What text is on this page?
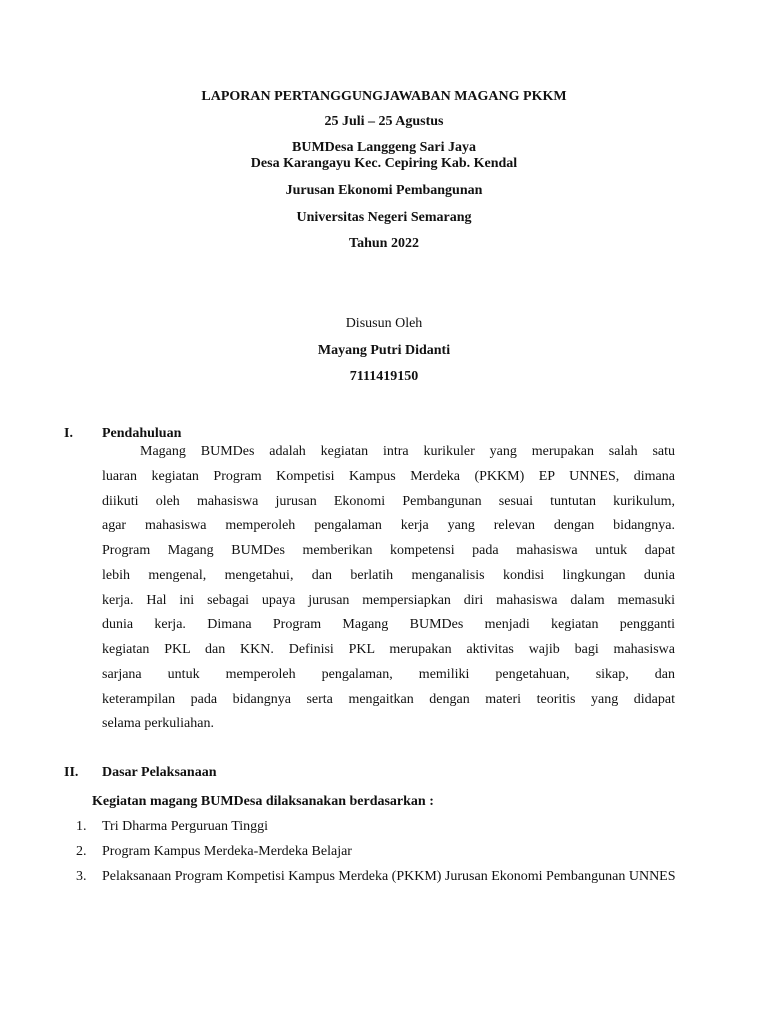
LAPORAN PERTANGGUNGJAWABAN MAGANG PKKM
25 Juli – 25 Agustus
BUMDesa Langgeng Sari Jaya
Desa Karangayu Kec. Cepiring Kab. Kendal
Jurusan Ekonomi Pembangunan
Universitas Negeri Semarang
Tahun 2022
Disusun Oleh
Mayang Putri Didanti
7111419150
I. Pendahuluan
Magang BUMDes adalah kegiatan intra kurikuler yang merupakan salah satu
luaran kegiatan Program Kompetisi Kampus Merdeka (PKKM) EP UNNES, dimana
diikuti oleh mahasiswa jurusan Ekonomi Pembangunan sesuai tuntutan kurikulum,
agar mahasiswa memperoleh pengalaman kerja yang relevan dengan bidangnya.
Program Magang BUMDes memberikan kompetensi pada mahasiswa untuk dapat
lebih mengenal, mengetahui, dan berlatih menganalisis kondisi lingkungan dunia
kerja. Hal ini sebagai upaya jurusan mempersiapkan diri mahasiswa dalam memasuki
dunia kerja. Dimana Program Magang BUMDes menjadi kegiatan pengganti
kegiatan PKL dan KKN. Definisi PKL merupakan aktivitas wajib bagi mahasiswa
sarjana untuk memperoleh pengalaman, memiliki pengetahuan, sikap, dan
keterampilan pada bidangnya serta mengaitkan dengan materi teoritis yang didapat
selama perkuliahan.
II. Dasar Pelaksanaan
Kegiatan magang BUMDesa dilaksanakan berdasarkan :
1. Tri Dharma Perguruan Tinggi
2. Program Kampus Merdeka-Merdeka Belajar
3. Pelaksanaan Program Kompetisi Kampus Merdeka (PKKM) Jurusan Ekonomi Pembangunan UNNES
